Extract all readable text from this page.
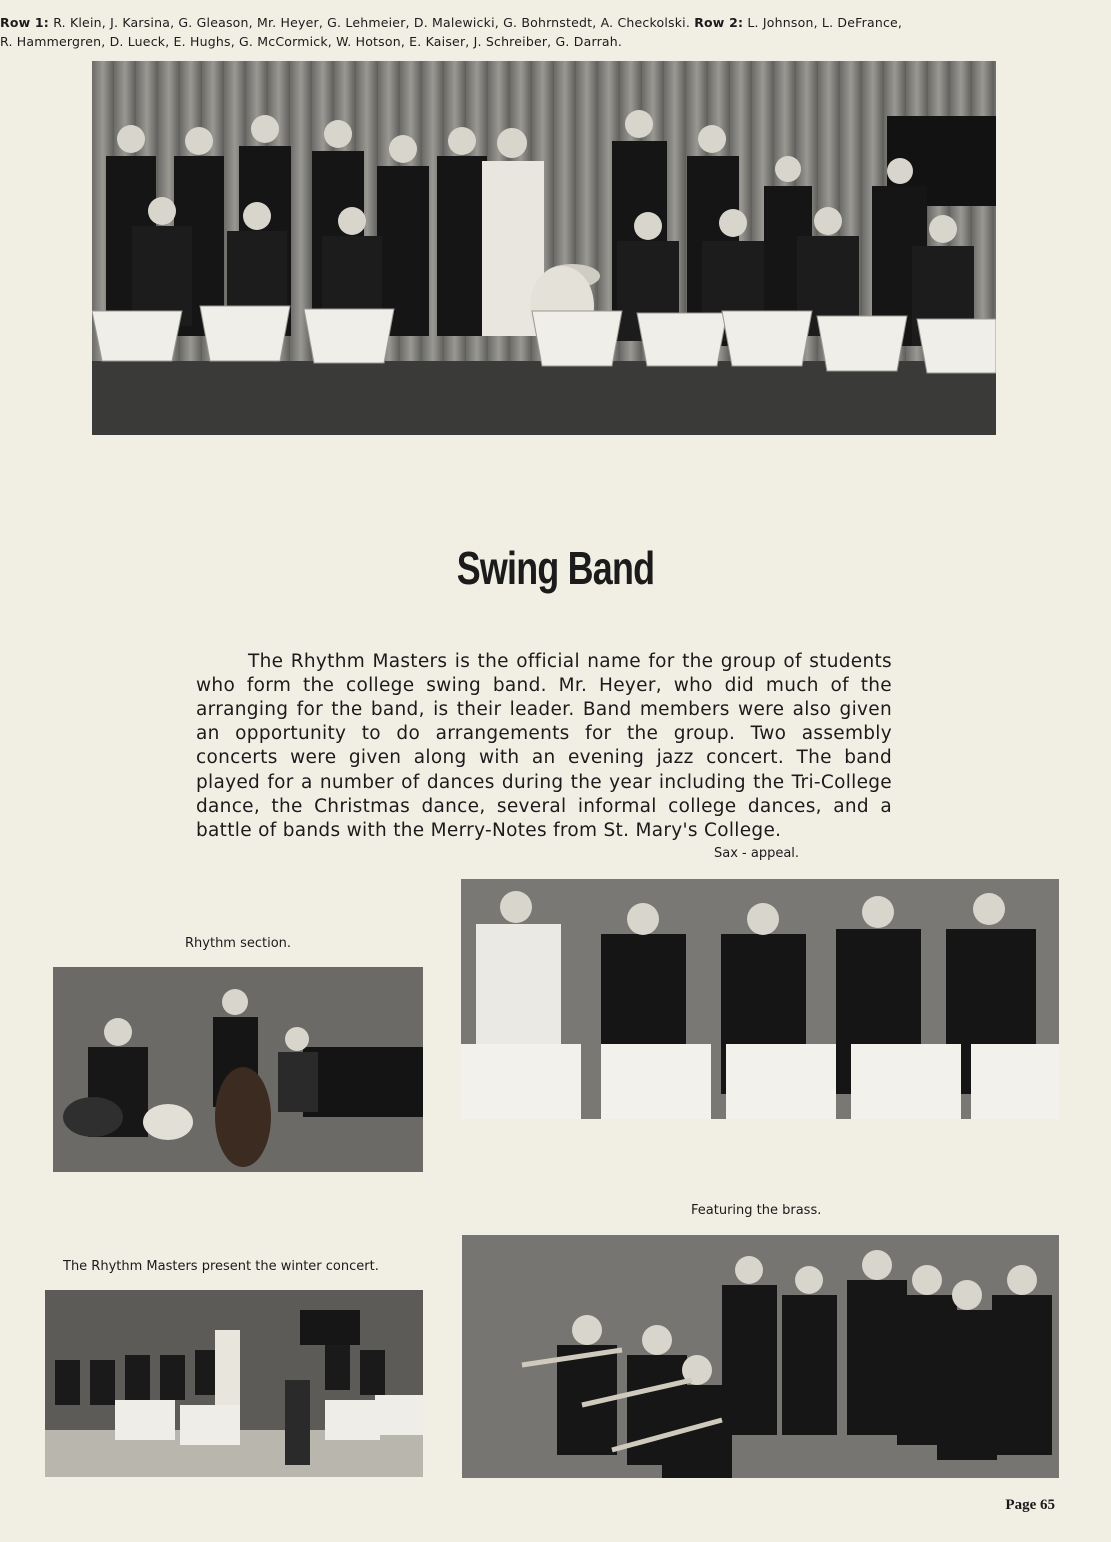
Row 1: R. Klein, J. Karsina, G. Gleason, Mr. Heyer, G. Lehmeier, D. Malewicki, G. Bohrnstedt, A. Checkolski. Row 2: L. Johnson, L. DeFrance, R. Hammergren, D. Lueck, E. Hughs, G. McCormick, W. Hotson, E. Kaiser, J. Schreiber, G. Darrah.

Swing Band

The Rhythm Masters is the official name for the group of students who form the college swing band. Mr. Heyer, who did much of the arranging for the band, is their leader. Band members were also given an opportunity to do arrangements for the group. Two assembly concerts were given along with an evening jazz concert. The band played for a number of dances during the year including the Tri-College dance, the Christmas dance, several informal college dances, and a battle of bands with the Merry-Notes from St. Mary's College.

Sax - appeal.

Rhythm section.

Featuring the brass.

The Rhythm Masters present the winter concert.

Page 65
